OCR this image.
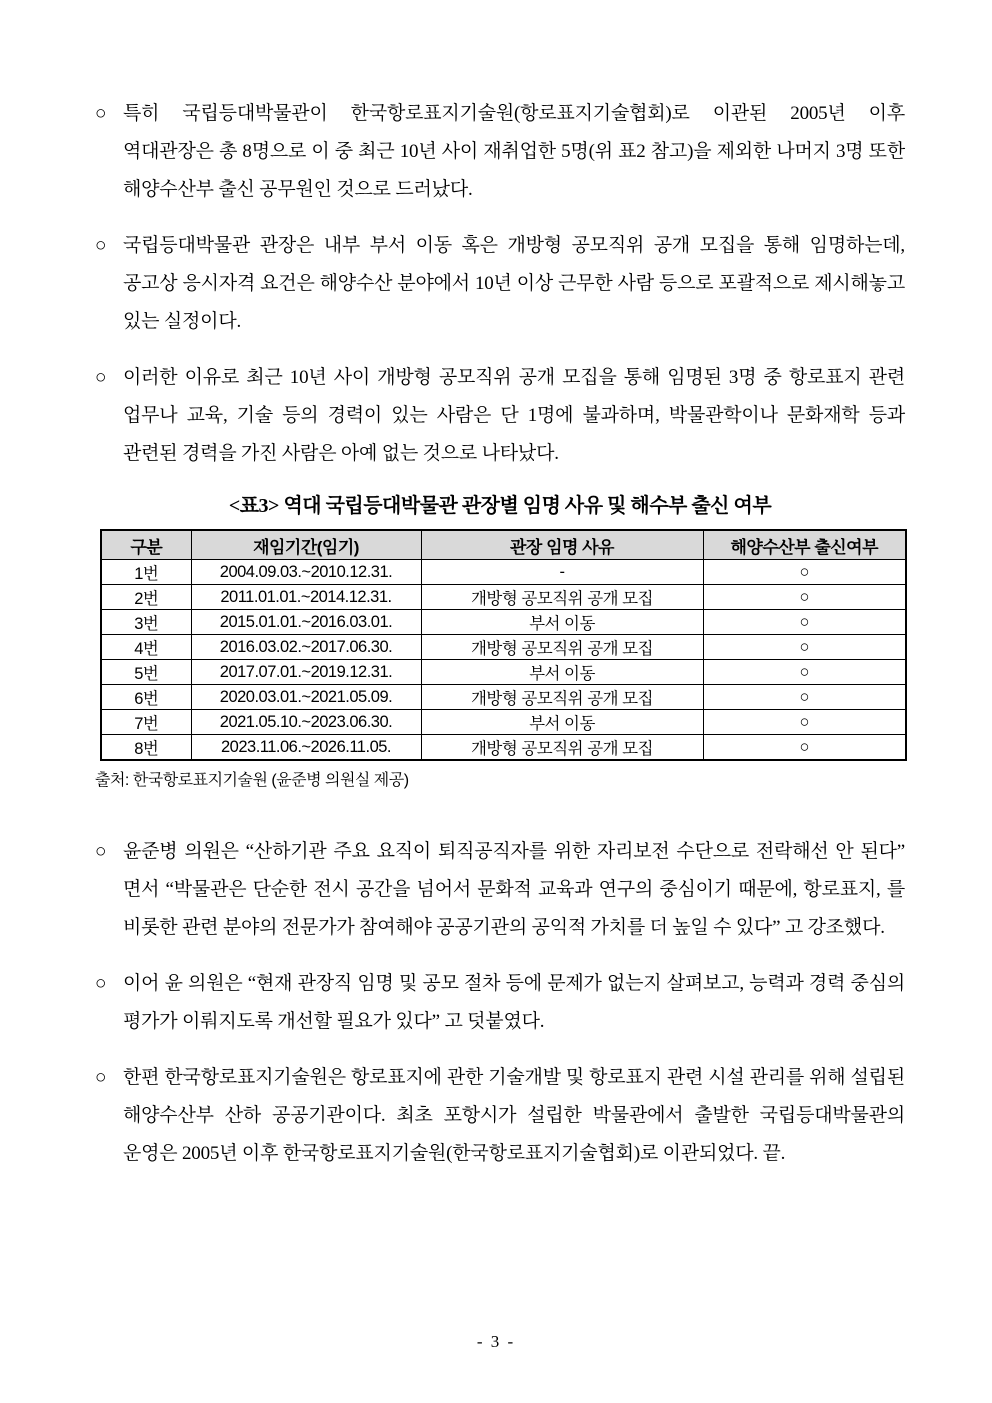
○ 특히 국립등대박물관이 한국항로표지기술원(항로표지기술협회)로 이관된 2005년 이후 역대관장은 총 8명으로 이 중 최근 10년 사이 재취업한 5명(위 표2 참고)을 제외한 나머지 3명 또한 해양수산부 출신 공무원인 것으로 드러났다.
○ 국립등대박물관 관장은 내부 부서 이동 혹은 개방형 공모직위 공개 모집을 통해 임명하는데, 공고상 응시자격 요건은 해양수산 분야에서 10년 이상 근무한 사람 등으로 포괄적으로 제시해놓고 있는 실정이다.
○ 이러한 이유로 최근 10년 사이 개방형 공모직위 공개 모집을 통해 임명된 3명 중 항로표지 관련 업무나 교육, 기술 등의 경력이 있는 사람은 단 1명에 불과하며, 박물관학이나 문화재학 등과 관련된 경력을 가진 사람은 아예 없는 것으로 나타났다.
<표3> 역대 국립등대박물관 관장별 임명 사유 및 해수부 출신 여부
구분	재임기간(임기)	관장 임명 사유	해양수산부 출신여부
1번	2004.09.03.~2010.12.31.	-	○
2번	2011.01.01.~2014.12.31.	개방형 공모직위 공개 모집	○
3번	2015.01.01.~2016.03.01.	부서 이동	○
4번	2016.03.02.~2017.06.30.	개방형 공모직위 공개 모집	○
5번	2017.07.01.~2019.12.31.	부서 이동	○
6번	2020.03.01.~2021.05.09.	개방형 공모직위 공개 모집	○
7번	2021.05.10.~2023.06.30.	부서 이동	○
8번	2023.11.06.~2026.11.05.	개방형 공모직위 공개 모집	○
출처: 한국항로표지기술원 (윤준병 의원실 제공)
○ 윤준병 의원은 “산하기관 주요 요직이 퇴직공직자를 위한 자리보전 수단으로 전락해선 안 된다” 면서 “박물관은 단순한 전시 공간을 넘어서 문화적 교육과 연구의 중심이기 때문에, 항로표지, 를 비롯한 관련 분야의 전문가가 참여해야 공공기관의 공익적 가치를 더 높일 수 있다” 고 강조했다.
○ 이어 윤 의원은 “현재 관장직 임명 및 공모 절차 등에 문제가 없는지 살펴보고, 능력과 경력 중심의 평가가 이뤄지도록 개선할 필요가 있다” 고 덧붙였다.
○ 한편 한국항로표지기술원은 항로표지에 관한 기술개발 및 항로표지 관련 시설 관리를 위해 설립된 해양수산부 산하 공공기관이다. 최초 포항시가 설립한 박물관에서 출발한 국립등대박물관의 운영은 2005년 이후 한국항로표지기술원(한국항로표지기술협회)로 이관되었다. 끝.
- 3 -
